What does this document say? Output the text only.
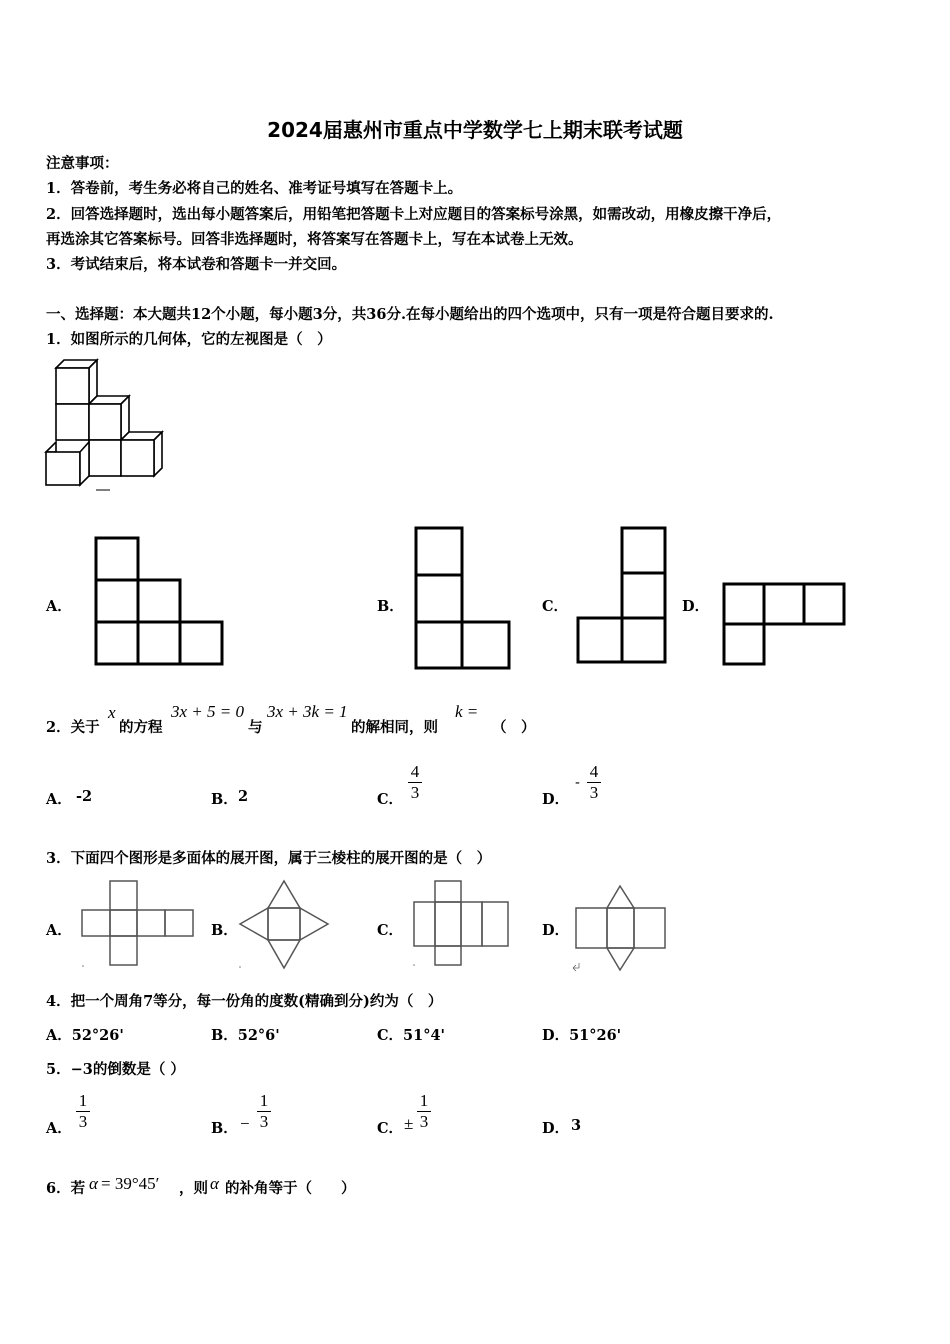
2024届惠州市重点中学数学七上期末联考试题
注意事项：
1．答卷前，考生务必将自己的姓名、准考证号填写在答题卡上。
2．回答选择题时，选出每小题答案后，用铅笔把答题卡上对应题目的答案标号涂黑，如需改动，用橡皮擦干净后，
再选涂其它答案标号。回答非选择题时，将答案写在答题卡上，写在本试卷上无效。
3．考试结束后，将本试卷和答题卡一并交回。
一、选择题：本大题共12个小题，每小题3分，共36分.在每小题给出的四个选项中，只有一项是符合题目要求的.
1．如图所示的几何体，它的左视图是（　）
A．	B．	C．	D．
2．关于
x
的方程
3x + 5 = 0
与
3x + 3k = 1
的解相同，则
k =
（　）
A． -2	B． 2	C．
4
3	D．
-
4
3
3．下面四个图形是多面体的展开图，属于三棱柱的展开图的是（　）
A．	B．	C．	D．
4．把一个周角7等分，每一份角的度数(精确到分)约为（　）
A．52°26'	B．52°6'	C．51°4'	D．51°26'
5．−3的倒数是（ ）
A．
1
3	B． −
1
3	C． ±
1
3	D． 3
6．若 α = 39°45′ ，则 α 的补角等于（　　）
